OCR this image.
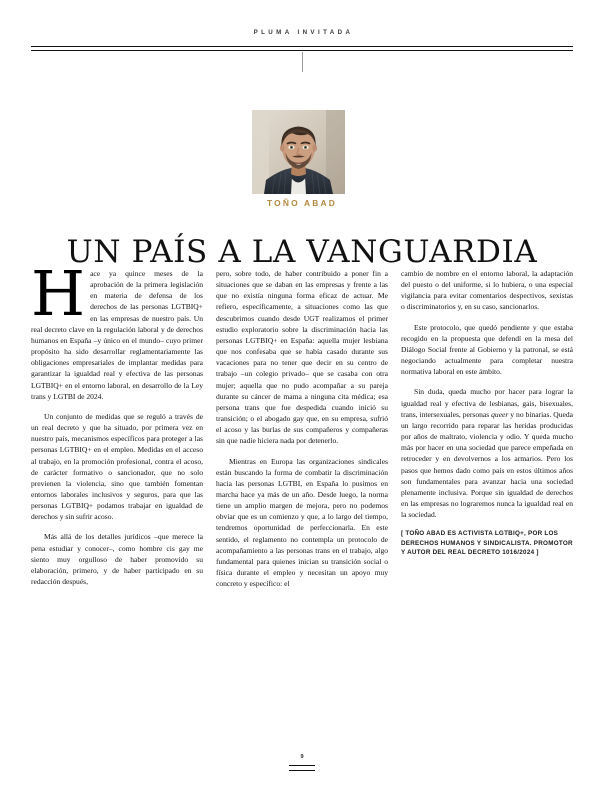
PLUMA INVITADA
TOÑO ABAD
UN PAÍS A LA VANGUARDIA

Hace ya quince meses de la aprobación de la primera legislación en materia de defensa de los derechos de las personas LGTBIQ+ en las empresas de nuestro país. Un real decreto clave en la regulación laboral y de derechos humanos en España –y único en el mundo– cuyo primer propósito ha sido desarrollar reglamentariamente las obligaciones empresariales de implantar medidas para garantizar la igualdad real y efectiva de las personas LGTBIQ+ en el entorno laboral, en desarrollo de la Ley trans y LGTBI de 2024.

Un conjunto de medidas que se reguló a través de un real decreto y que ha situado, por primera vez en nuestro país, mecanismos específicos para proteger a las personas LGTBIQ+ en el empleo. Medidas en el acceso al trabajo, en la promoción profesional, contra el acoso, de carácter formativo o sancionador, que no solo previenen la violencia, sino que también fomentan entornos laborales inclusivos y seguros, para que las personas LGTBIQ+ podamos trabajar en igualdad de derechos y sin sufrir acoso.

Más allá de los detalles jurídicos –que merece la pena estudiar y conocer–, como hombre cis gay me siento muy orgulloso de haber promovido su elaboración, primero, y de haber participado en su redacción después,

pero, sobre todo, de haber contribuido a poner fin a situaciones que se daban en las empresas y frente a las que no existía ninguna forma eficaz de actuar. Me refiero, específicamente, a situaciones como las que descubrimos cuando desde UGT realizamos el primer estudio exploratorio sobre la discriminación hacia las personas LGTBIQ+ en España: aquella mujer lesbiana que nos confesaba que se había casado durante sus vacaciones para no tener que decir en su centro de trabajo –un colegio privado– que se casaba con otra mujer; aquella que no pudo acompañar a su pareja durante su cáncer de mama a ninguna cita médica; esa persona trans que fue despedida cuando inició su transición; o el abogado gay que, en su empresa, sufrió el acoso y las burlas de sus compañeros y compañeras sin que nadie hiciera nada por detenerlo.

Mientras en Europa las organizaciones sindicales están buscando la forma de combatir la discriminación hacia las personas LGTBI, en España lo pusimos en marcha hace ya más de un año. Desde luego, la norma tiene un amplio margen de mejora, pero no podemos obviar que es un comienzo y que, a lo largo del tiempo, tendremos oportunidad de perfeccionarla. En este sentido, el reglamento no contempla un protocolo de acompañamiento a las personas trans en el trabajo, algo fundamental para quienes inician su transición social o física durante el empleo y necesitan un apoyo muy concreto y específico: el

cambio de nombre en el entorno laboral, la adaptación del puesto o del uniforme, si lo hubiera, o una especial vigilancia para evitar comentarios despectivos, sexistas o discriminatorios y, en su caso, sancionarlos.

Este protocolo, que quedó pendiente y que estaba recogido en la propuesta que defendí en la mesa del Diálogo Social frente al Gobierno y la patronal, se está negociando actualmente para completar nuestra normativa laboral en este ámbito.

Sin duda, queda mucho por hacer para lograr la igualdad real y efectiva de lesbianas, gais, bisexuales, trans, intersexuales, personas queer y no binarias. Queda un largo recorrido para reparar las heridas producidas por años de maltrato, violencia y odio. Y queda mucho más por hacer en una sociedad que parece empeñada en retroceder y en devolvernos a los armarios. Pero los pasos que hemos dado como país en estos últimos años son fundamentales para avanzar hacia una sociedad plenamente inclusiva. Porque sin igualdad de derechos en las empresas no lograremos nunca la igualdad real en la sociedad.

[ TOÑO ABAD ES ACTIVISTA LGTBIQ+, POR LOS DERECHOS HUMANOS Y SINDICALISTA. PROMOTOR Y AUTOR DEL REAL DECRETO 1016/2024 ]

9
